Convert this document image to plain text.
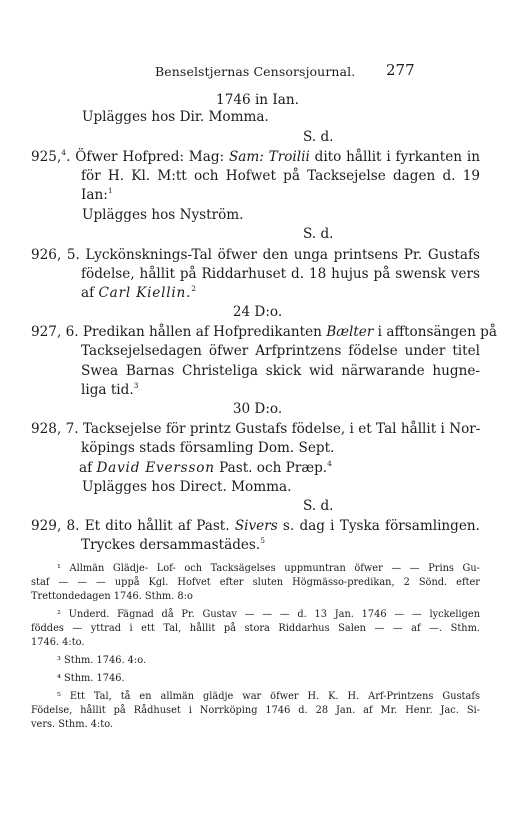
Benselstjernas Censorsjournal. 277
1746 in Ian.
Uplägges hos Dir. Momma.
S. d.
925,$^4$. Öfwer Hofpred: Mag: Sam: Troilii dito hållit i fyrkanten in
för H. Kl. M:tt och Hofwet på Tacksejelse dagen d. 19
Ian:$^1$
Uplägges hos Nyström.
S. d.
926, 5. Lyckönsknings-Tal öfwer den unga printsens Pr. Gustafs
födelse, hållit på Riddarhuset d. 18 hujus på swensk vers
af Carl Kiellin.$^2$
24 D:o.
927, 6. Predikan hållen af Hofpredikanten Bælter i afftonsängen på
Tacksejelsedagen öfwer Arfprintzens födelse under titel
Swea Barnas Christeliga skick wid närwarande hugne-
liga tid.$^3$
30 D:o.
928, 7. Tacksejelse för printz Gustafs födelse, i et Tal hållit i Nor-
köpings stads församling Dom. Sept.
af David Eversson Past. och Præp.$^4$
Uplägges hos Direct. Momma.
S. d.
929, 8. Et dito hållit af Past. Sivers s. dag i Tyska församlingen.
Tryckes dersammastädes.$^5$
¹ Allmän Glädje- Lof- och Tacksägelses uppmuntran öfwer — — Prins Gu-
staf — — — uppå Kgl. Hofvet efter sluten Högmässo-predikan, 2 Sönd. efter
Trettondedagen 1746. Sthm. 8:o
² Underd. Fägnad då Pr. Gustav — — — d. 13 Jan. 1746 — — lyckeligen
föddes — yttrad i ett Tal, hållit på stora Riddarhus Salen — — af —. Sthm.
1746. 4:to.
³ Sthm. 1746. 4:o.
⁴ Sthm. 1746.
⁵ Ett Tal, tå en allmän glädje war öfwer H. K. H. Arf-Printzens Gustafs
Födelse, hållit på Rådhuset i Norrköping 1746 d. 28 Jan. af Mr. Henr. Jac. Si-
vers. Sthm. 4:to.
